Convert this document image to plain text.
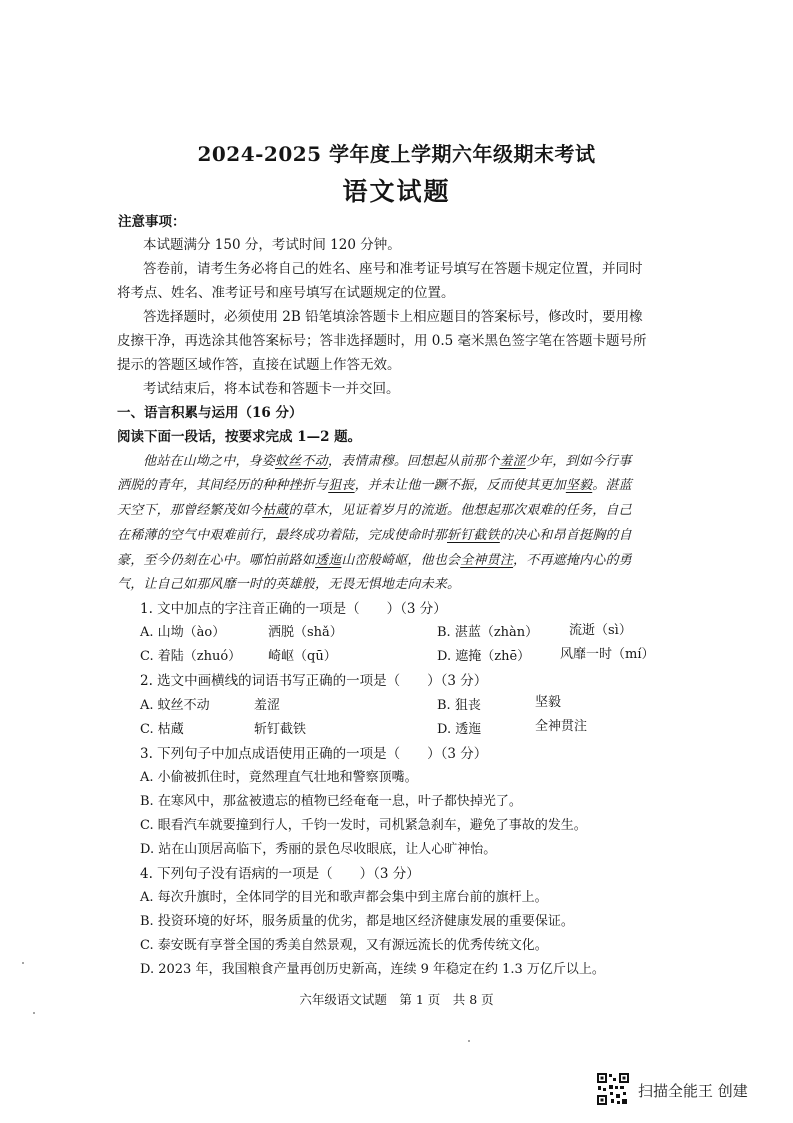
2024-2025 学年度上学期六年级期末考试
语文试题
注意事项：
本试题满分 150 分，考试时间 120 分钟。
答卷前，请考生务必将自己的姓名、座号和准考证号填写在答题卡规定位置，并同时
将考点、姓名、准考证号和座号填写在试题规定的位置。
答选择题时，必须使用 2B 铅笔填涂答题卡上相应题目的答案标号，修改时，要用橡
皮擦干净，再选涂其他答案标号；答非选择题时，用 0.5 毫米黑色签字笔在答题卡题号所
提示的答题区域作答，直接在试题上作答无效。
考试结束后，将本试卷和答题卡一并交回。
一、语言积累与运用（16 分）
阅读下面一段话，按要求完成 1—2 题。
他站在山坳之中，身姿蚊丝不动，表情肃穆。回想起从前那个羞涩少年，到如今行事
洒脱的青年，其间经历的种种挫折与狙丧，并未让他一蹶不振，反而使其更加坚毅。湛蓝
天空下，那曾经繁茂如今枯蔵的草木，见证着岁月的流逝。他想起那次艰难的任务，自己
在稀薄的空气中艰难前行，最终成功着陆，完成使命时那斩钉截铁的决心和昂首挺胸的自
豪，至今仍刻在心中。哪怕前路如透迤山峦般崎岖，他也会全神贯注，不再遮掩内心的勇
气，让自己如那风靡一时的英雄般，无畏无惧地走向未来。
1. 文中加点的字注音正确的一项是（　　）（3 分）
A. 山坳（ào）	洒脱（shǎ）	B. 湛蓝（zhàn） 流逝（sì）
C. 着陆（zhuó） 崎岖（qū）	D. 遮掩（zhē） 风靡一时（mí）
2. 选文中画横线的词语书写正确的一项是（　　）（3 分）
A. 蚊丝不动	羞涩	B. 狙丧	坚毅
C. 枯蔵	斩钉截铁	D. 透迤	全神贯注
3. 下列句子中加点成语使用正确的一项是（　　）（3 分）
A. 小偷被抓住时，竟然理直气壮地和警察顶嘴。
B. 在寒风中，那盆被遗忘的植物已经奄奄一息，叶子都快掉光了。
C. 眼看汽车就要撞到行人，千钧一发时，司机紧急刹车，避免了事故的发生。
D. 站在山顶居高临下，秀丽的景色尽收眼底，让人心旷神怡。
4. 下列句子没有语病的一项是（　　）（3 分）
A. 每次升旗时，全体同学的目光和歌声都会集中到主席台前的旗杆上。
B. 投资环境的好坏，服务质量的优劣，都是地区经济健康发展的重要保证。
C. 泰安既有享誉全国的秀美自然景观，又有源远流长的优秀传统文化。
D. 2023 年，我国粮食产量再创历史新高，连续 9 年稳定在约 1.3 万亿斤以上。
六年级语文试题　第 1 页　共 8 页
扫描全能王 创建
